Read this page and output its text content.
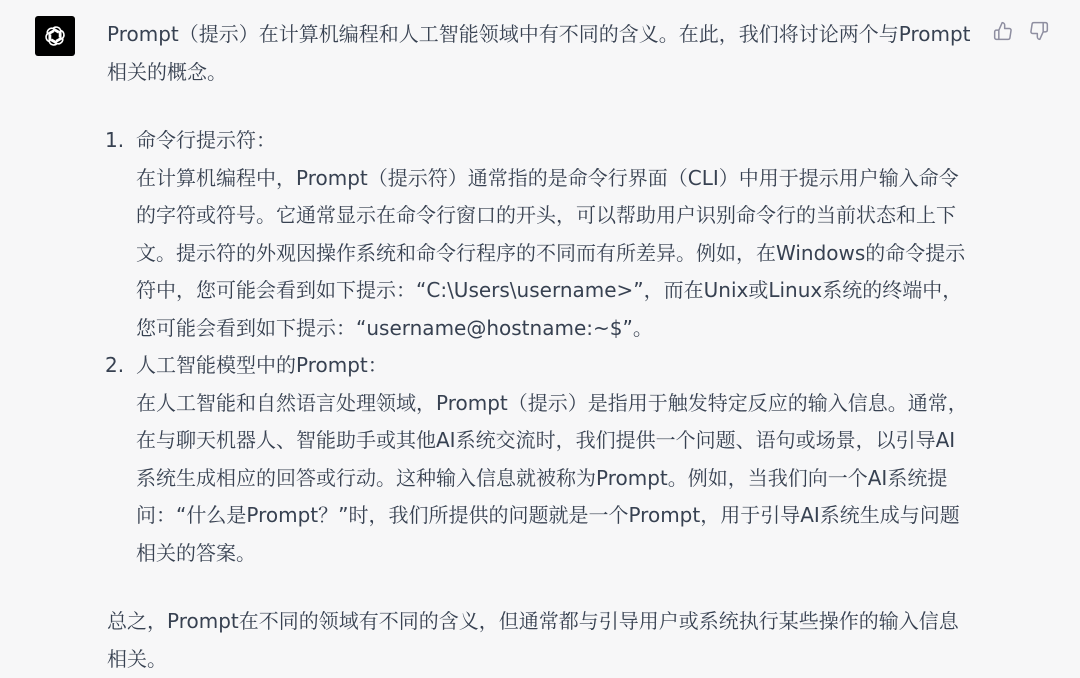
Prompt（提示）在计算机编程和人工智能领域中有不同的含义。在此，我们将讨论两个与Prompt相关的概念。

1. 命令行提示符：
在计算机编程中，Prompt（提示符）通常指的是命令行界面（CLI）中用于提示用户输入命令的字符或符号。它通常显示在命令行窗口的开头，可以帮助用户识别命令行的当前状态和上下文。提示符的外观因操作系统和命令行程序的不同而有所差异。例如，在Windows的命令提示符中，您可能会看到如下提示：“C:\Users\username>”，而在Unix或Linux系统的终端中，您可能会看到如下提示：“username@hostname:~$”。
2. 人工智能模型中的Prompt：
在人工智能和自然语言处理领域，Prompt（提示）是指用于触发特定反应的输入信息。通常，在与聊天机器人、智能助手或其他AI系统交流时，我们提供一个问题、语句或场景，以引导AI系统生成相应的回答或行动。这种输入信息就被称为Prompt。例如，当我们向一个AI系统提问：“什么是Prompt？”时，我们所提供的问题就是一个Prompt，用于引导AI系统生成与问题相关的答案。

总之，Prompt在不同的领域有不同的含义，但通常都与引导用户或系统执行某些操作的输入信息相关。
